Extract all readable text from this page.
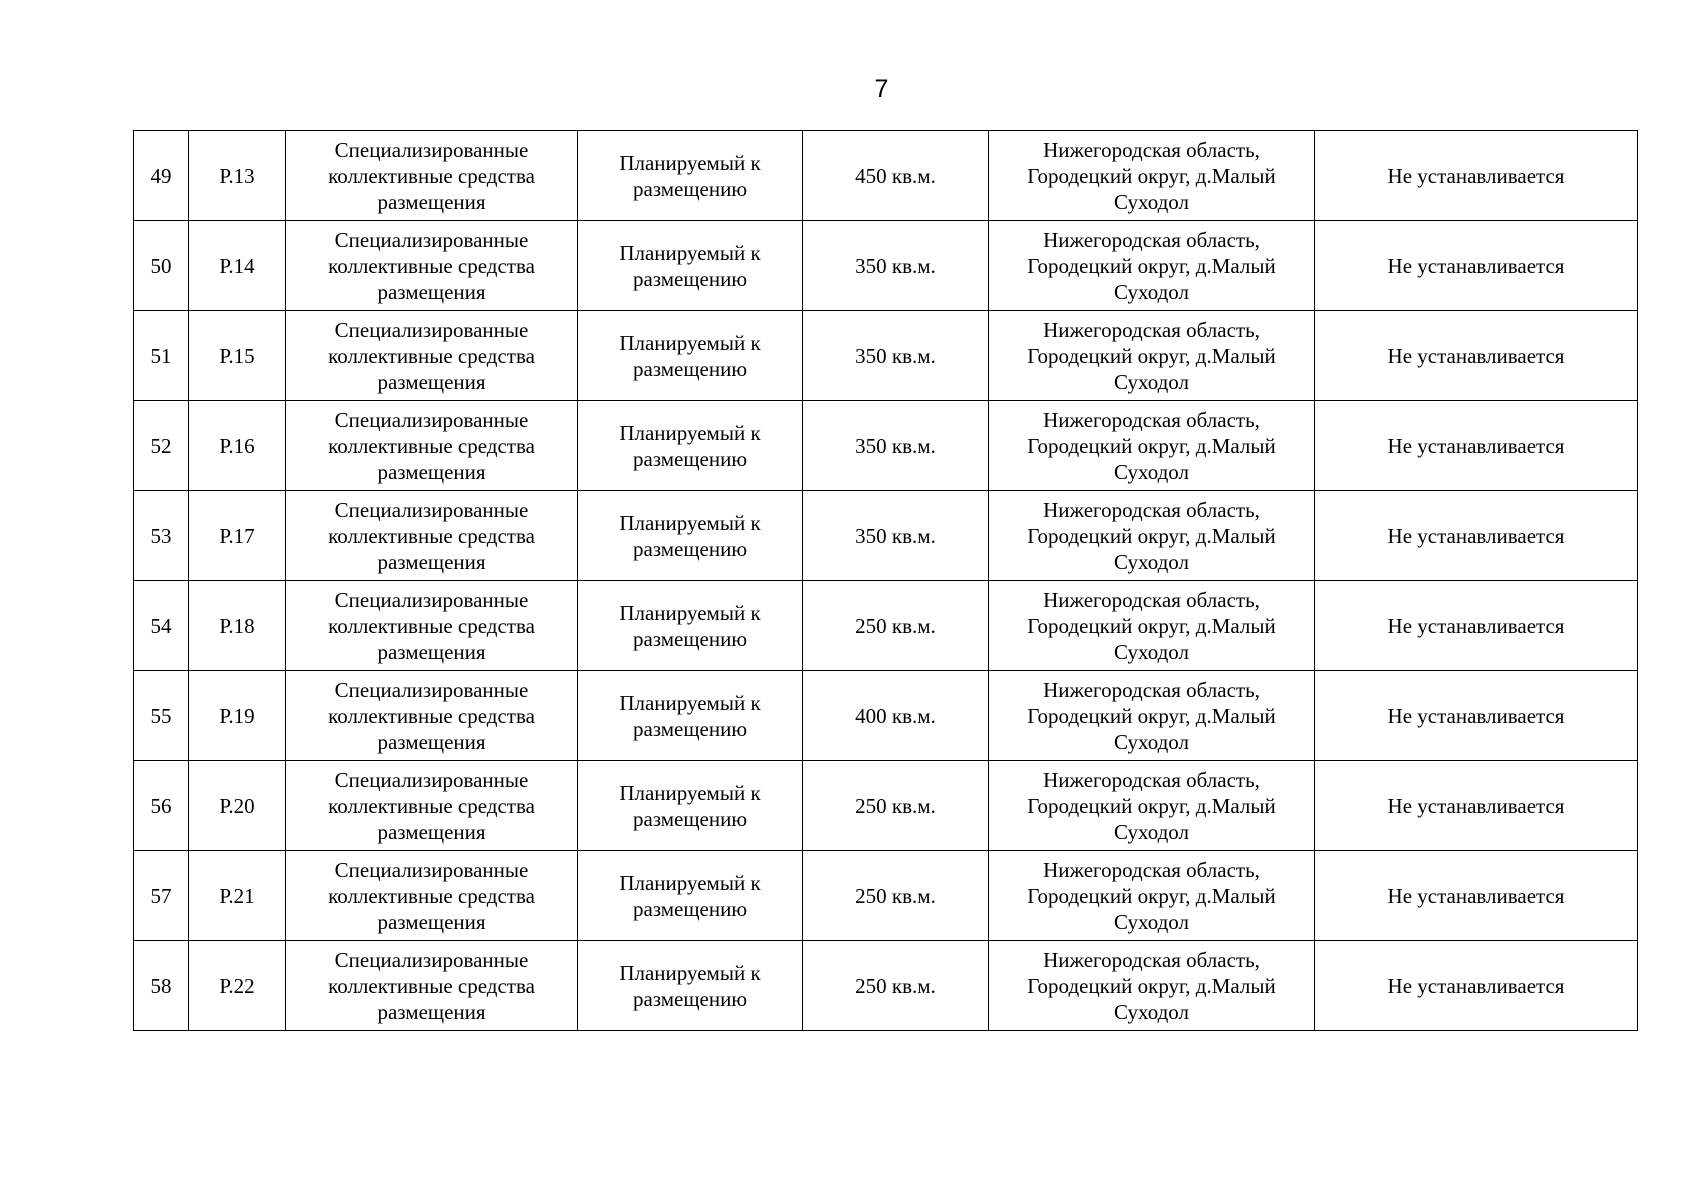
7
49	Р.13	Специализированные коллективные средства размещения	Планируемый к размещению	450 кв.м.	Нижегородская область, Городецкий округ, д.Малый Суходол	Не устанавливается
50	Р.14	Специализированные коллективные средства размещения	Планируемый к размещению	350 кв.м.	Нижегородская область, Городецкий округ, д.Малый Суходол	Не устанавливается
51	Р.15	Специализированные коллективные средства размещения	Планируемый к размещению	350 кв.м.	Нижегородская область, Городецкий округ, д.Малый Суходол	Не устанавливается
52	Р.16	Специализированные коллективные средства размещения	Планируемый к размещению	350 кв.м.	Нижегородская область, Городецкий округ, д.Малый Суходол	Не устанавливается
53	Р.17	Специализированные коллективные средства размещения	Планируемый к размещению	350 кв.м.	Нижегородская область, Городецкий округ, д.Малый Суходол	Не устанавливается
54	Р.18	Специализированные коллективные средства размещения	Планируемый к размещению	250 кв.м.	Нижегородская область, Городецкий округ, д.Малый Суходол	Не устанавливается
55	Р.19	Специализированные коллективные средства размещения	Планируемый к размещению	400 кв.м.	Нижегородская область, Городецкий округ, д.Малый Суходол	Не устанавливается
56	Р.20	Специализированные коллективные средства размещения	Планируемый к размещению	250 кв.м.	Нижегородская область, Городецкий округ, д.Малый Суходол	Не устанавливается
57	Р.21	Специализированные коллективные средства размещения	Планируемый к размещению	250 кв.м.	Нижегородская область, Городецкий округ, д.Малый Суходол	Не устанавливается
58	Р.22	Специализированные коллективные средства размещения	Планируемый к размещению	250 кв.м.	Нижегородская область, Городецкий округ, д.Малый Суходол	Не устанавливается
